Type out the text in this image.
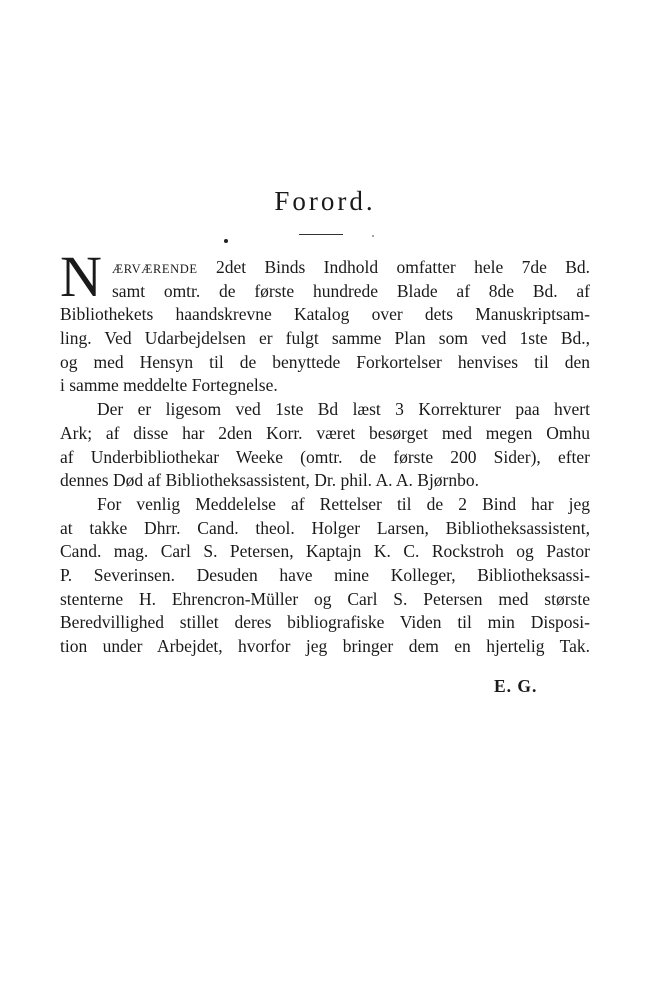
Forord.
N ÆRVÆRENDE 2det Binds Indhold omfatter hele 7de Bd.
samt omtr. de første hundrede Blade af 8de Bd. af
Bibliothekets haandskrevne Katalog over dets Manuskriptsam-
ling. Ved Udarbejdelsen er fulgt samme Plan som ved 1ste Bd.,
og med Hensyn til de benyttede Forkortelser henvises til den
i samme meddelte Fortegnelse.
Der er ligesom ved 1ste Bd læst 3 Korrekturer paa hvert
Ark; af disse har 2den Korr. været besørget med megen Omhu
af Underbibliothekar Weeke (omtr. de første 200 Sider), efter
dennes Død af Bibliotheksassistent, Dr. phil. A. A. Bjørnbo.
For venlig Meddelelse af Rettelser til de 2 Bind har jeg
at takke Dhrr. Cand. theol. Holger Larsen, Bibliotheksassistent,
Cand. mag. Carl S. Petersen, Kaptajn K. C. Rockstroh og Pastor
P. Severinsen. Desuden have mine Kolleger, Bibliotheksassi-
stenterne H. Ehrencron-Müller og Carl S. Petersen med største
Beredvillighed stillet deres bibliografiske Viden til min Disposi-
tion under Arbejdet, hvorfor jeg bringer dem en hjertelig Tak.
E. G.
